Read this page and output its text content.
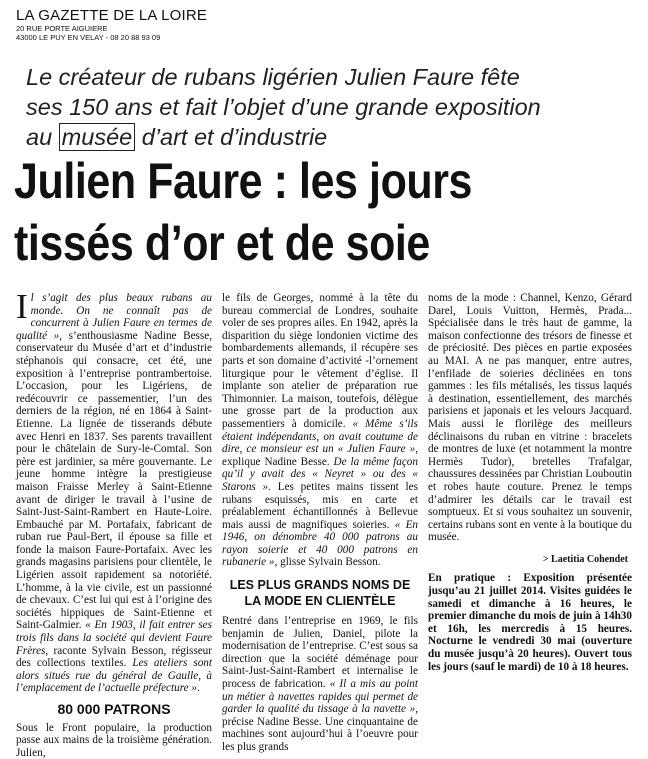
LA GAZETTE DE LA LOIRE
20 RUE PORTE AIGUIERE
43000 LE PUY EN VELAY - 08 20 88 93 09
Le créateur de rubans ligérien Julien Faure fête
ses 150 ans et fait l’objet d’une grande exposition
au musée d’art et d’industrie
Julien Faure : les jours
tissés d’or et de soie

Il s’agit des plus beaux rubans au monde. On ne connaît pas de concurrent à Julien Faure en termes de qualité », s’enthousiasme Nadine Besse, conservateur du Musée d’art et d’industrie stéphanois qui consacre, cet été, une exposition à l’entreprise pontrambertoise. L’occasion, pour les Ligériens, de redécouvrir ce passementier, l’un des derniers de la région, né en 1864 à Saint-Etienne. La lignée de tisserands débute avec Henri en 1837. Ses parents travaillent pour le châtelain de Sury-le-Comtal. Son père est jardinier, sa mère gouvernante. Le jeune homme intègre la prestigieuse maison Fraisse Merley à Saint-Etienne avant de diriger le travail à l’usine de Saint-Just-Saint-Rambert en Haute-Loire. Embauché par M. Portafaix, fabricant de ruban rue Paul-Bert, il épouse sa fille et fonde la maison Faure-Portafaix. Avec les grands magasins parisiens pour clientèle, le Ligérien assoit rapidement sa notoriété. L’homme, à la vie civile, est un passionné de chevaux. C’est lui qui est à l’origine des sociétés hippiques de Saint-Etienne et Saint-Galmier. « En 1903, il fait entrer ses trois fils dans la société qui devient Faure Frères, raconte Sylvain Besson, régisseur des collections textiles. Les ateliers sont alors situés rue du général de Gaulle, à l’emplacement de l’actuelle préfecture ».

80 000 PATRONS

Sous le Front populaire, la production passe aux mains de la troisième génération. Julien,

le fils de Georges, nommé à la tête du bureau commercial de Londres, souhaite voler de ses propres ailes. En 1942, après la disparition du siège londonien victime des bombardements allemands, il récupère ses parts et son domaine d’activité -l’ornement liturgique pour le vêtement d’église. Il implante son atelier de préparation rue Thimonnier. La maison, toutefois, délègue une grosse part de la production aux passementiers à domicile. « Même s’ils étaient indépendants, on avait coutume de dire, ce monsieur est un « Julien Faure », explique Nadine Besse. De la même façon qu’il y avait des « Neyret » ou des « Starons ». Les petites mains tissent les rubans esquissés, mis en carte et préalablement échantillonnés à Bellevue mais aussi de magnifiques soieries. « En 1946, on dénombre 40 000 patrons au rayon soierie et 40 000 patrons en rubanerie », glisse Sylvain Besson.

LES PLUS GRANDS NOMS DE LA MODE EN CLIENTÈLE

Rentré dans l’entreprise en 1969, le fils benjamin de Julien, Daniel, pilote la modernisation de l’entreprise. C’est sous sa direction que la société déménage pour Saint-Just-Saint-Rambert et internalise le process de fabrication. « Il a mis au point un métier à navettes rapides qui permet de garder la qualité du tissage à la navette », précise Nadine Besse. Une cinquantaine de machines sont aujourd’hui à l’oeuvre pour les plus grands

noms de la mode : Channel, Kenzo, Gérard Darel, Louis Vuitton, Hermès, Prada... Spécialisée dans le très haut de gamme, la maison confectionne des trésors de finesse et de préciosité. Des pièces en partie exposées au MAI. A ne pas manquer, entre autres, l’enfilade de soieries déclinées en tons gammes : les fils métalisés, les tissus laqués à destination, essentiellement, des marchés parisiens et japonais et les velours Jacquard. Mais aussi le florilège des meilleurs déclinaisons du ruban en vitrine : bracelets de montres de luxe (et notamment la montre Hermès Tudor), bretelles Trafalgar, chaussures dessinées par Christian Louboutin et robes haute couture. Prenez le temps d’admirer les détails car le travail est somptueux. Et si vous souhaitez un souvenir, certains rubans sont en vente à la boutique du musée.

> Laetitia Cohendet

En pratique : Exposition présentée jusqu’au 21 juillet 2014. Visites guidées le samedi et dimanche à 16 heures, le premier dimanche du mois de juin à 14h30 et 16h, les mercredis à 15 heures. Nocturne le vendredi 30 mai (ouverture du musée jusqu’à 20 heures). Ouvert tous les jours (sauf le mardi) de 10 à 18 heures.
